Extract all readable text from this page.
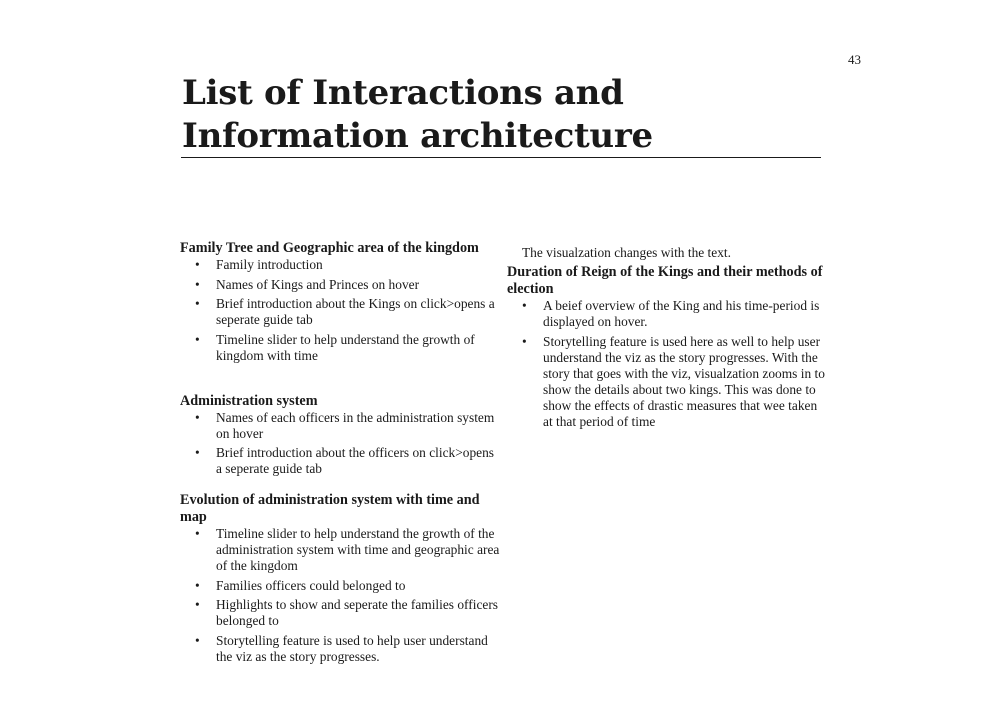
43
List of Interactions and
Information architecture

Family Tree and Geographic area of the kingdom

• Family introduction
• Names of Kings and Princes on hover
• Brief introduction about the Kings on click>opens a seperate guide tab
• Timeline slider to help understand the growth of kingdom with time

Administration system

• Names of each officers in the administration system on hover
• Brief introduction about the officers on click>opens a seperate guide tab

Evolution of administration system with time and map

• Timeline slider to help understand the growth of the administration system with time and geographic area of the kingdom
• Families officers could belonged to
• Highlights to show and seperate the families officers belonged to
• Storytelling feature is used to help user understand the viz as the story progresses.

The visualzation changes with the text.

Duration of Reign of the Kings and their methods of election

• A beief overview of the King and his time-period is displayed on hover.
• Storytelling feature is used here as well to help user understand the viz as the story progresses. With the story that goes with the viz, visualzation zooms in to show the details about two kings. This was done to show the effects of drastic measures that wee taken at that period of time
